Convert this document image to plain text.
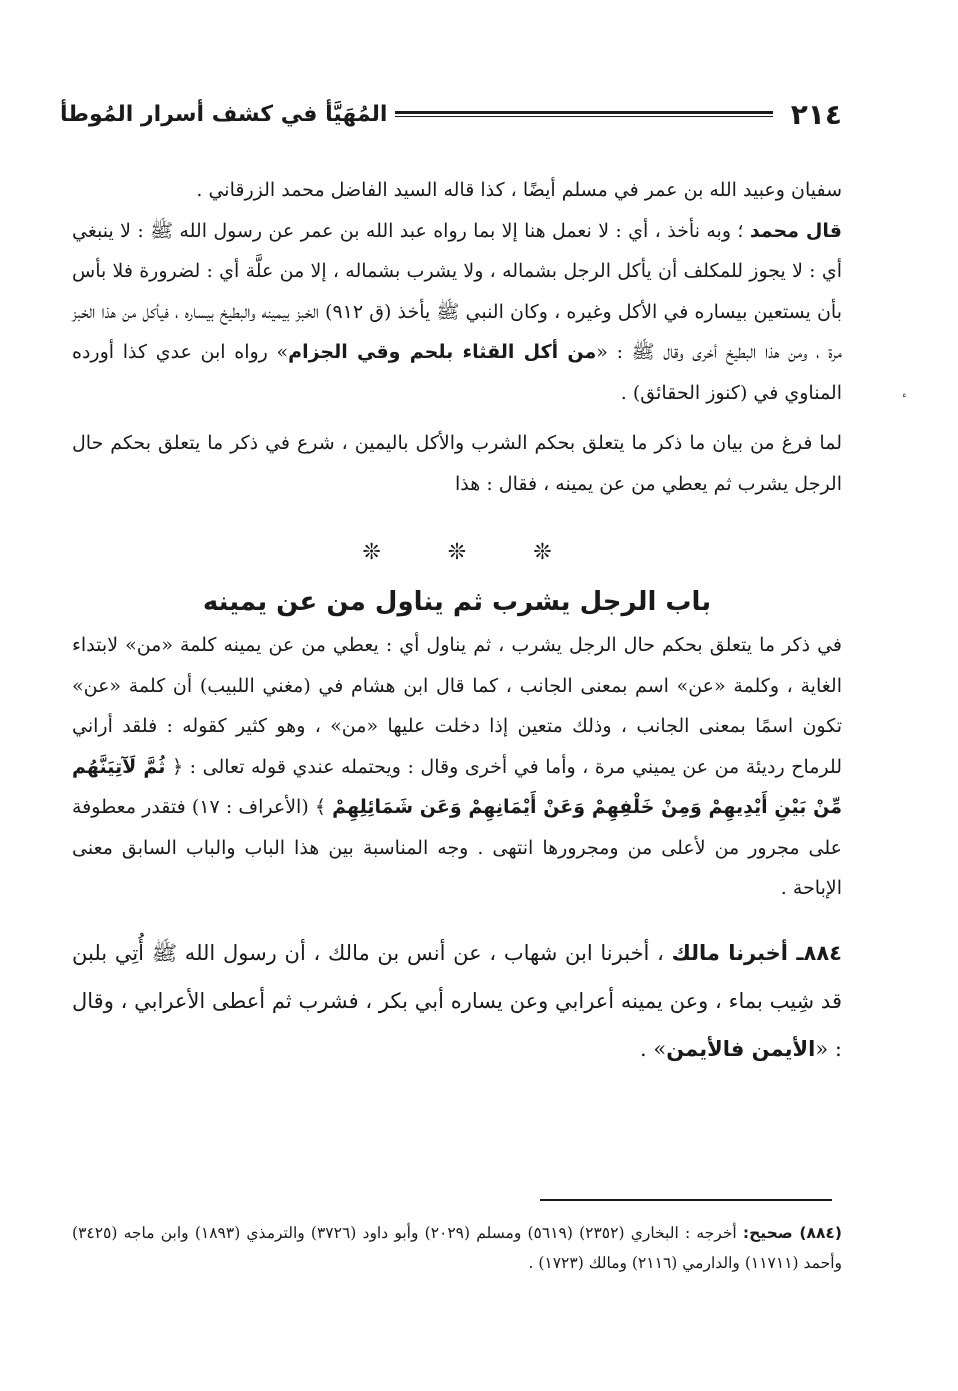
٢١٤
المُهَيَّأ في كشف أسرار المُوطأ

سفيان وعبيد الله بن عمر في مسلم أيضًا ، كذا قاله السيد الفاضل محمد الزرقاني .

قال محمد ؛ وبه نأخذ ، أي : لا نعمل هنا إلا بما رواه عبد الله بن عمر عن رسول الله ﷺ : لا ينبغي أي : لا يجوز للمكلف أن يأكل الرجل بشماله ، ولا يشرب بشماله ، إلا من علَّة أي : لضرورة فلا بأس بأن يستعين بيساره في الأكل وغيره ، وكان النبي ﷺ يأخذ (ق ٩١٢) الخبز بيمينه والبطيخ بيساره ، فيأكل من هذا الخبز مرة ، ومن هذا البطيخ أخرى وقال ﷺ : «من أكل القثاء بلحم وقي الجزام» رواه ابن عدي كذا أورده المناوي في (كنوز الحقائق) .

لما فرغ من بيان ما ذكر ما يتعلق بحكم الشرب والأكل باليمين ، شرع في ذكر ما يتعلق بحكم حال الرجل يشرب ثم يعطي من عن يمينه ، فقال : هذا

❊ ❊ ❊
باب الرجل يشرب ثم يناول من عن يمينه

في ذكر ما يتعلق بحكم حال الرجل يشرب ، ثم يناول أي : يعطي من عن يمينه كلمة «من» لابتداء الغاية ، وكلمة «عن» اسم بمعنى الجانب ، كما قال ابن هشام في (مغني اللبيب) أن كلمة «عن» تكون اسمًا بمعنى الجانب ، وذلك متعين إذا دخلت عليها «من» ، وهو كثير كقوله : فلقد أراني للرماح رديئة من عن يميني مرة ، وأما في أخرى وقال : ويحتمله عندي قوله تعالى : ﴿ ثُمَّ لَآتِيَنَّهُم مِّنْ بَيْنِ أَيْدِيهِمْ وَمِنْ خَلْفِهِمْ وَعَنْ أَيْمَانِهِمْ وَعَن شَمَائِلِهِمْ ﴾ (الأعراف : ١٧) فتقدر معطوفة على مجرور من لأعلى من ومجرورها انتهى . وجه المناسبة بين هذا الباب والباب السابق معنى الإباحة .

٨٨٤ـ أخبرنا مالك ، أخبرنا ابن شهاب ، عن أنس بن مالك ، أن رسول الله ﷺ أُتِي بلبن قد شِيب بماء ، وعن يمينه أعرابي وعن يساره أبي بكر ، فشرب ثم أعطى الأعرابي ، وقال : «الأيمن فالأيمن» .

(٨٨٤) صحيح: أخرجه : البخاري (٢٣٥٢) (٥٦١٩) ومسلم (٢٠٢٩) وأبو داود (٣٧٢٦) والترمذي (١٨٩٣) وابن ماجه (٣٤٢٥) وأحمد (١١٧١١) والدارمي (٢١١٦) ومالك (١٧٢٣) .
